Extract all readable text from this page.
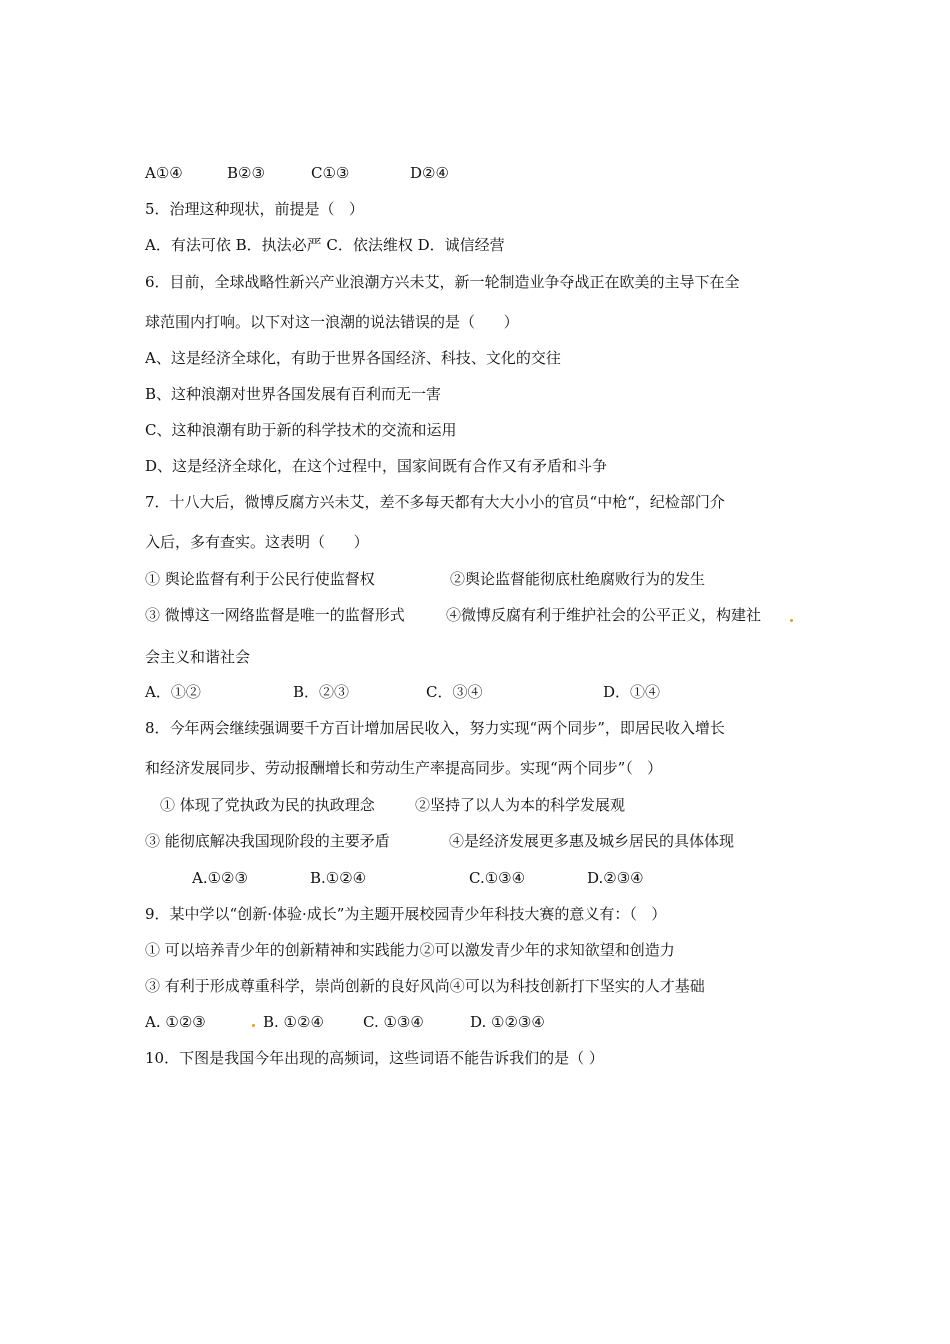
A①④	B②③	C①③	D②④
5．治理这种现状，前提是（   ）
A．有法可依 B．执法必严 C．依法维权 D．诚信经营
6．目前，全球战略性新兴产业浪潮方兴未艾，新一轮制造业争夺战正在欧美的主导下在全
球范围内打响。以下对这一浪潮的说法错误的是（      ）
A、这是经济全球化，有助于世界各国经济、科技、文化的交往
B、这种浪潮对世界各国发展有百利而无一害
C、这种浪潮有助于新的科学技术的交流和运用
D、这是经济全球化，在这个过程中，国家间既有合作又有矛盾和斗争
7．十八大后，微博反腐方兴未艾，差不多每天都有大大小小的官员“中枪“，纪检部门介
入后，多有查实。这表明（      ）
① 舆论监督有利于公民行使监督权	②舆论监督能彻底杜绝腐败行为的发生
③ 微博这一网络监督是唯一的监督形式	④微博反腐有利于维护社会的公平正义，构建社
会主义和谐社会
A．①②	B．②③	C．③④	D．①④
8．今年两会继续强调要千方百计增加居民收入，努力实现“两个同步”，即居民收入增长
和经济发展同步、劳动报酬增长和劳动生产率提高同步。实现“两个同步”（   ）
① 体现了党执政为民的执政理念	②坚持了以人为本的科学发展观
③ 能彻底解决我国现阶段的主要矛盾	④是经济发展更多惠及城乡居民的具体体现
A.①②③	B.①②④	C.①③④	D.②③④
9．某中学以“创新·体验·成长”为主题开展校园青少年科技大赛的意义有：（   ）
① 可以培养青少年的创新精神和实践能力②可以激发青少年的求知欲望和创造力
③ 有利于形成尊重科学，崇尚创新的良好风尚④可以为科技创新打下坚实的人才基础
A. ①②③	B. ①②④	C. ①③④	D. ①②③④
10．下图是我国今年出现的高频词，这些词语不能告诉我们的是（ ）
